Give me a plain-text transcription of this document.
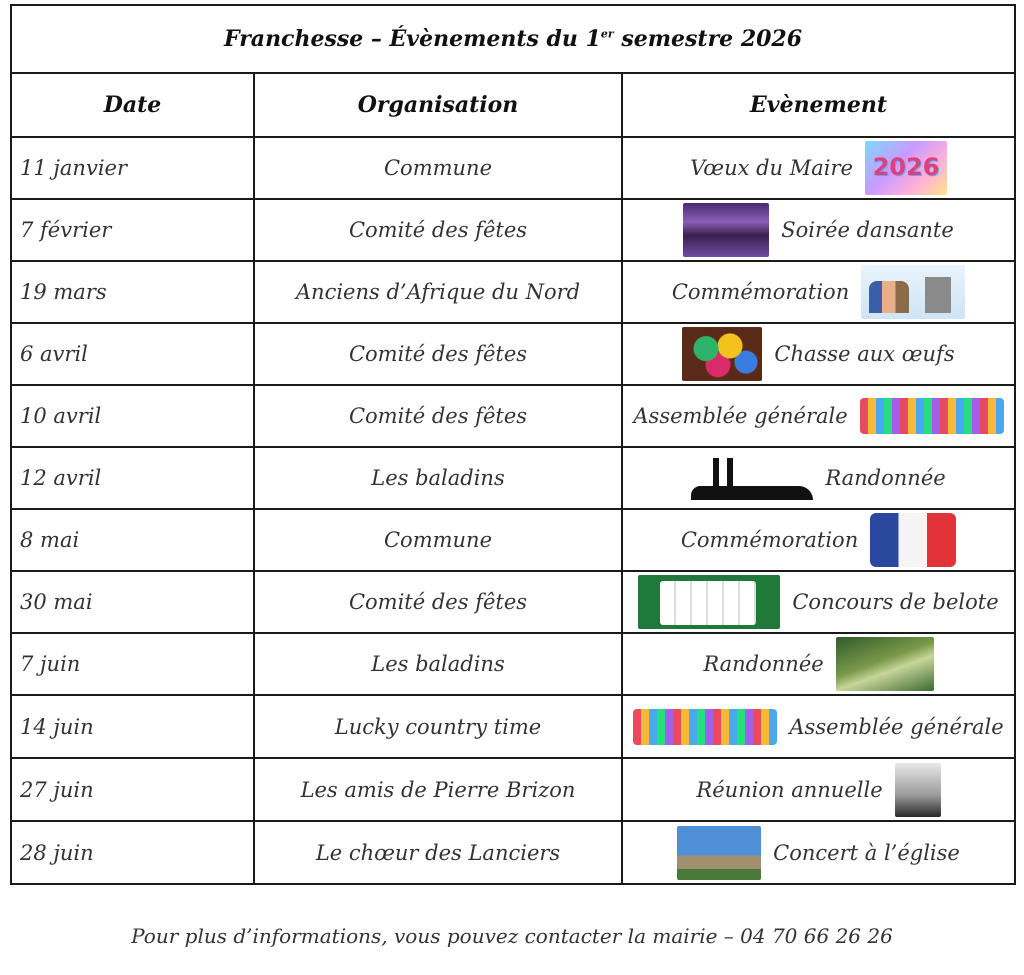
Franchesse – Évènements du 1er semestre 2026		
Date	Organisation	Evènement
11 janvier	Commune	Vœux du Maire 2026

7 février	Comité des fêtes	Soirée dansante

19 mars	Anciens d’Afrique du Nord	Commémoration

6 avril	Comité des fêtes	Chasse aux œufs

10 avril	Comité des fêtes	Assemblée générale

12 avril	Les baladins	Randonnée

8 mai	Commune	Commémoration

30 mai	Comité des fêtes	Concours de belote

7 juin	Les baladins	Randonnée

14 juin	Lucky country time	Assemblée générale

27 juin	Les amis de Pierre Brizon	Réunion annuelle

28 juin	Le chœur des Lanciers	Concert à l’église
Pour plus d’informations, vous pouvez contacter la mairie – 04 70 66 26 26
